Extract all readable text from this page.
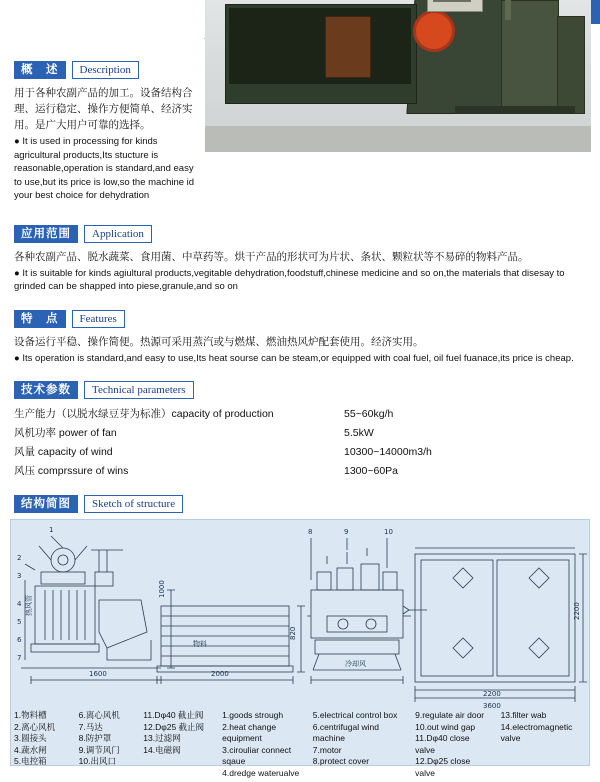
概　述	Description
用于各种农副产品的加工。设备结构合理、运行稳定、操作方便简单、经济实用。是广大用户可靠的选择。
● It is used in processing for kinds agricultural products,Its stucture is reasonable,operation is standard,and easy to use,but its price is low,so the machine id your best choice for dehydration
应用范围	Application
各种农副产品、脱水蔬菜、食用菌、中草药等。烘干产品的形状可为片状、条状、颗粒状等不易碎的物料产品。
● It is suitable for kinds agiultural products,vegitable dehydration,foodstuff,chinese medicine and so on,the materials that disesay to grinded can be shapped into piese,granule,and so on
特　点	Features
设备运行平稳、操作简便。热源可采用蒸汽或与燃煤、燃油热风炉配套使用。经济实用。
● Its operation is standard,and easy to use,Its heat sourse can be steam,or equipped with coal fuel, oil fuel fuanace,its price is cheap.
技术参数	Technical parameters
生产能力（以脱水绿豆芽为标准）capacity of production	55~60kg/h
风机功率 power of fan	5.5kW
风量 capacity of wind	10300~14000m3/h
风压 comprssure of wins	1300~60Pa
结构简图	Sketch of structure
8	9	10
1
2
3
4
5
6
7
1600
1000
2000
820
2200
3600
2200
物料
热风管
冷却风
1.物料槽
2.离心风机
3.圆接头
4.蔬水闸
5.电控箱
6.离心风机
7.马达
8.防护罩
9.调节风门
10.出风口
11.Dφ40 截止阀
12.Dφ25 截止阀
13.过滤网
14.电磁阀
1.goods strough
2.heat change equipment
3.cirouliar connect sqaue
4.dredge waterualve
5.electrical control box
6.centrifugal wind machine
7.motor
8.protect cover
9.regulate air door
10.out wind gap
11.Dφ40 close valve
12.Dφ25 close valve
13.filter wab
14.electromagnetic valve
